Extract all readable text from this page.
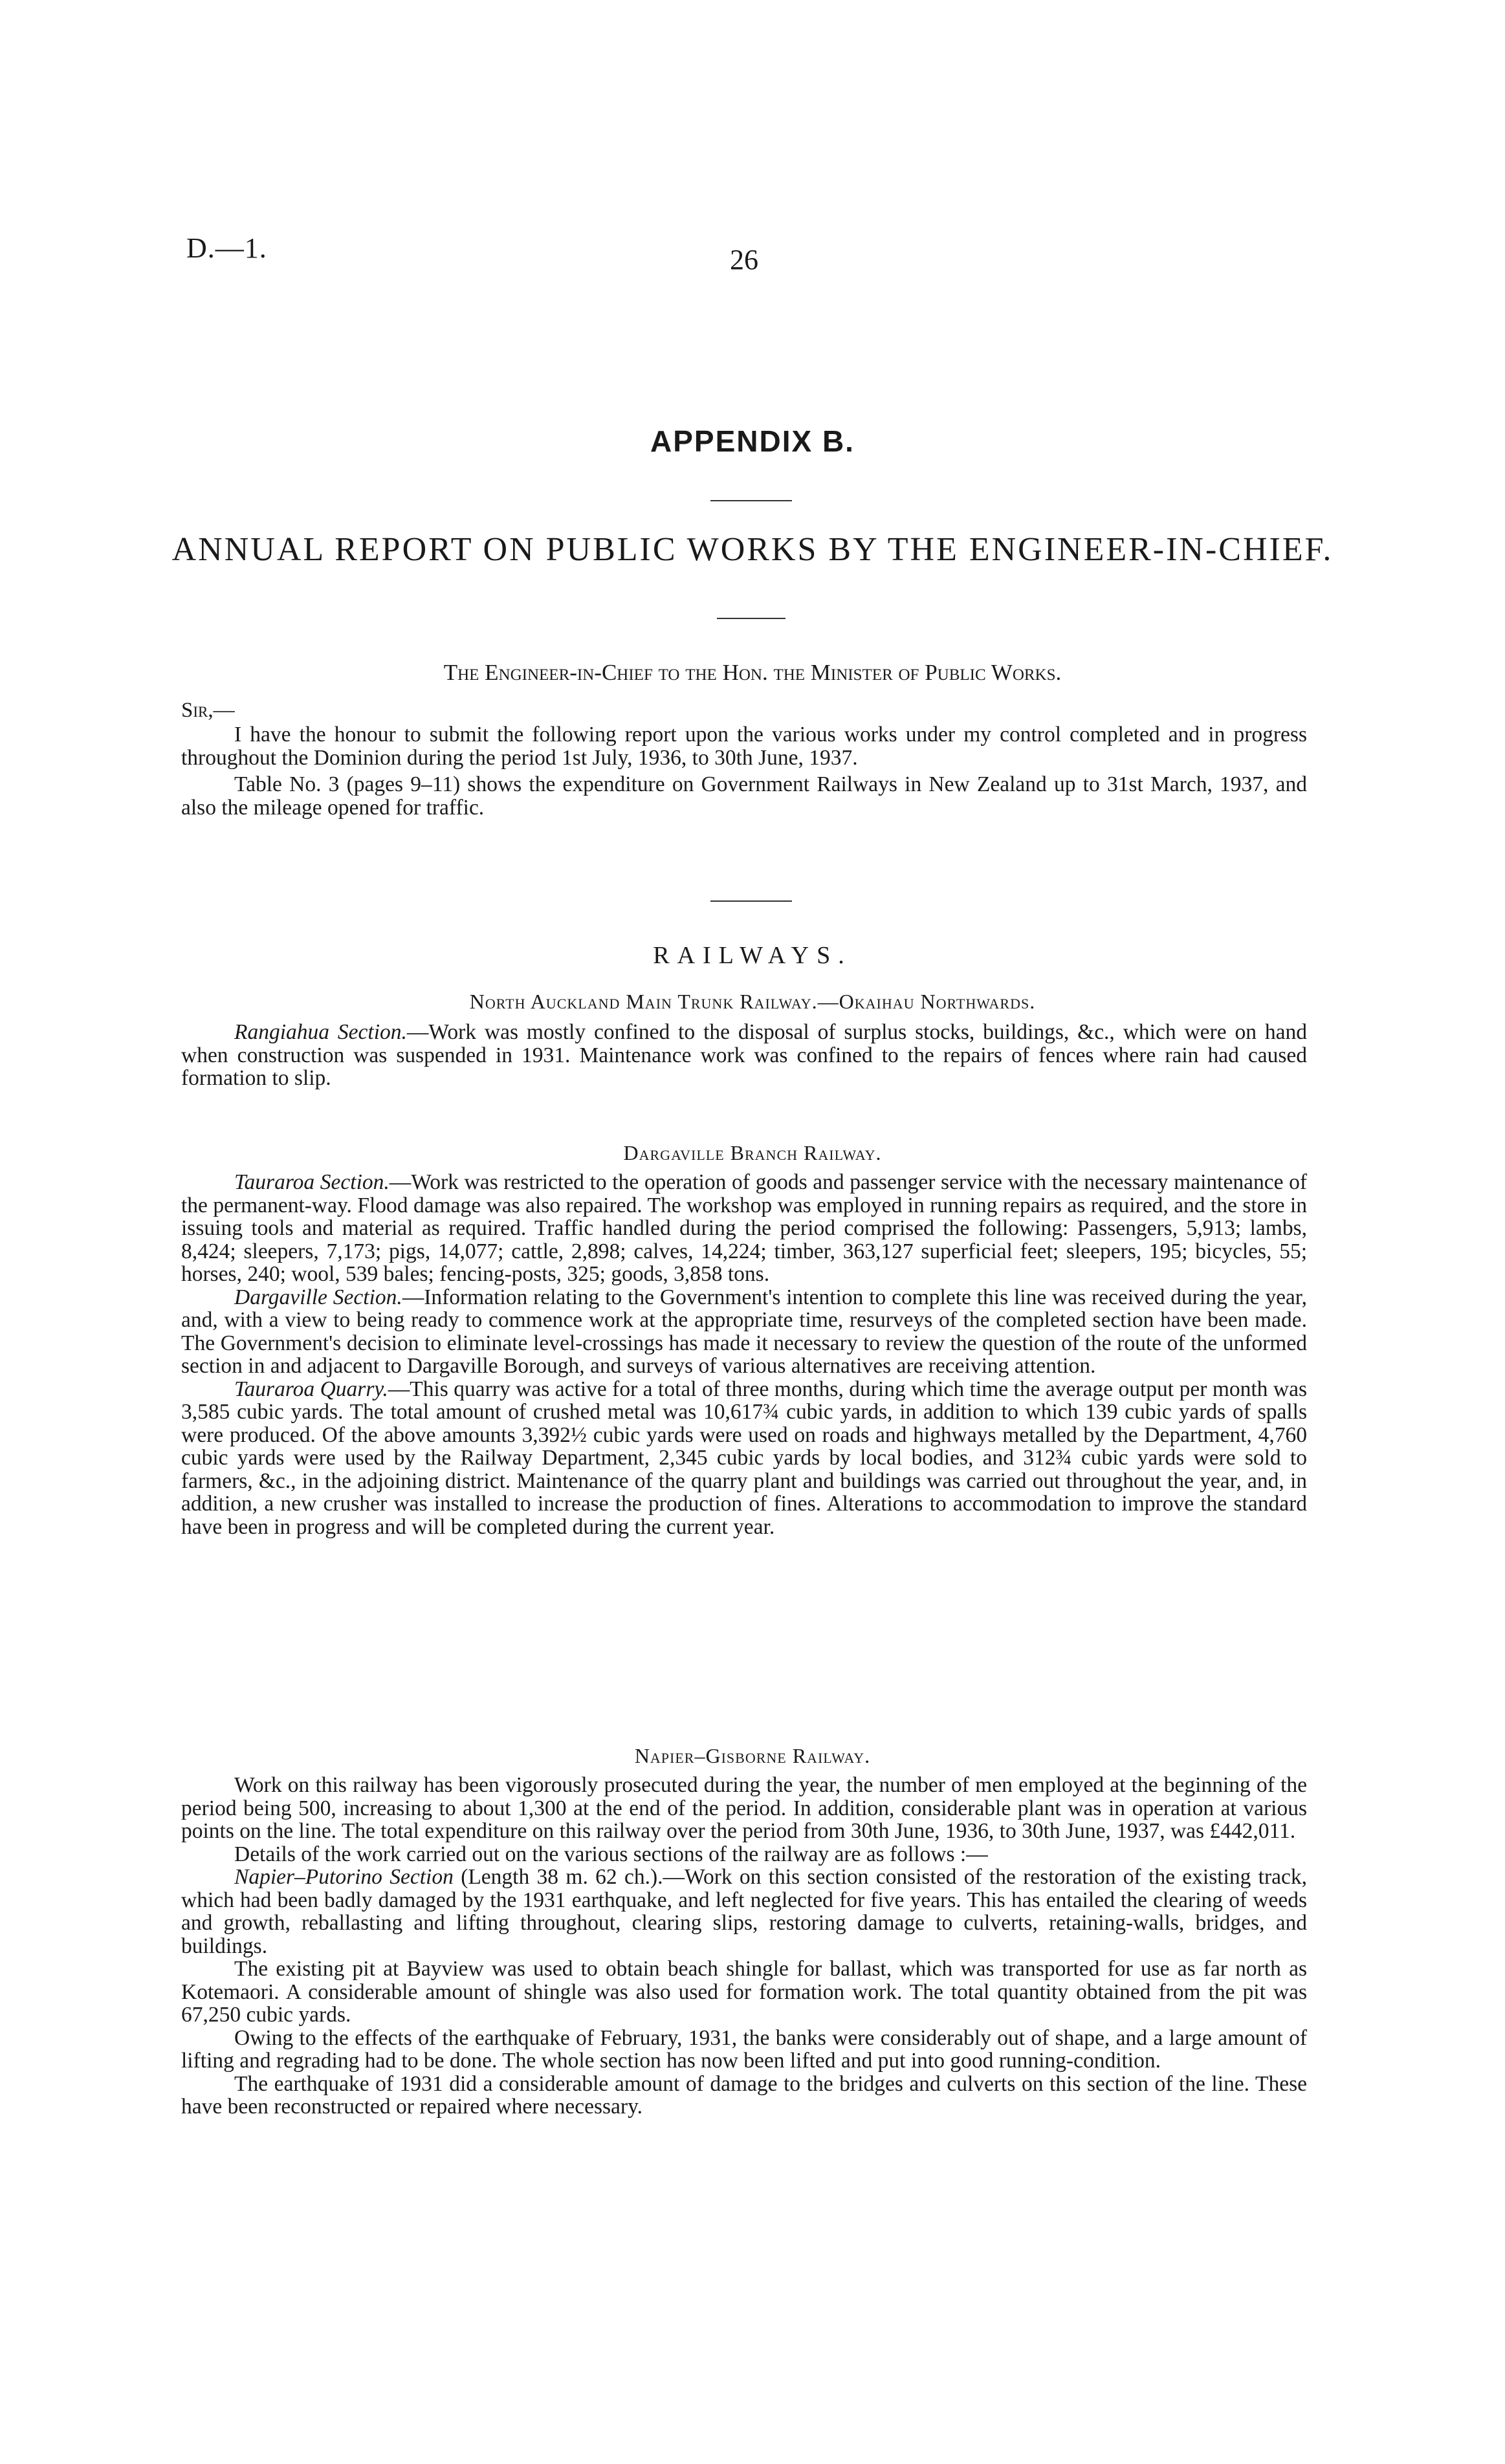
D.—1.	26
APPENDIX B.
ANNUAL REPORT ON PUBLIC WORKS BY THE ENGINEER-IN-CHIEF.
The Engineer-in-Chief to the Hon. the Minister of Public Works.
Sir,—

I have the honour to submit the following report upon the various works under my control completed and in progress throughout the Dominion during the period 1st July, 1936, to 30th June, 1937.

Table No. 3 (pages 9–11) shows the expenditure on Government Railways in New Zealand up to 31st March, 1937, and also the mileage opened for traffic.

RAILWAYS.
North Auckland Main Trunk Railway.—Okaihau Northwards.

Rangiahua Section.—Work was mostly confined to the disposal of surplus stocks, buildings, &c., which were on hand when construction was suspended in 1931. Maintenance work was confined to the repairs of fences where rain had caused formation to slip.

Dargaville Branch Railway.

Tauraroa Section.—Work was restricted to the operation of goods and passenger service with the necessary maintenance of the permanent-way. Flood damage was also repaired. The workshop was employed in running repairs as required, and the store in issuing tools and material as required. Traffic handled during the period comprised the following: Passengers, 5,913; lambs, 8,424; sleepers, 7,173; pigs, 14,077; cattle, 2,898; calves, 14,224; timber, 363,127 superficial feet; sleepers, 195; bicycles, 55; horses, 240; wool, 539 bales; fencing-posts, 325; goods, 3,858 tons.

Dargaville Section.—Information relating to the Government's intention to complete this line was received during the year, and, with a view to being ready to commence work at the appropriate time, resurveys of the completed section have been made. The Government's decision to eliminate level-crossings has made it necessary to review the question of the route of the unformed section in and adjacent to Dargaville Borough, and surveys of various alternatives are receiving attention.

Tauraroa Quarry.—This quarry was active for a total of three months, during which time the average output per month was 3,585 cubic yards. The total amount of crushed metal was 10,617¾ cubic yards, in addition to which 139 cubic yards of spalls were produced. Of the above amounts 3,392½ cubic yards were used on roads and highways metalled by the Department, 4,760 cubic yards were used by the Railway Department, 2,345 cubic yards by local bodies, and 312¾ cubic yards were sold to farmers, &c., in the adjoining district. Maintenance of the quarry plant and buildings was carried out throughout the year, and, in addition, a new crusher was installed to increase the production of fines. Alterations to accommodation to improve the standard have been in progress and will be completed during the current year.

Napier–Gisborne Railway.

Work on this railway has been vigorously prosecuted during the year, the number of men employed at the beginning of the period being 500, increasing to about 1,300 at the end of the period. In addition, considerable plant was in operation at various points on the line. The total expenditure on this railway over the period from 30th June, 1936, to 30th June, 1937, was £442,011.

Details of the work carried out on the various sections of the railway are as follows :—

Napier–Putorino Section (Length 38 m. 62 ch.).—Work on this section consisted of the restoration of the existing track, which had been badly damaged by the 1931 earthquake, and left neglected for five years. This has entailed the clearing of weeds and growth, reballasting and lifting throughout, clearing slips, restoring damage to culverts, retaining-walls, bridges, and buildings.

The existing pit at Bayview was used to obtain beach shingle for ballast, which was transported for use as far north as Kotemaori. A considerable amount of shingle was also used for formation work. The total quantity obtained from the pit was 67,250 cubic yards.

Owing to the effects of the earthquake of February, 1931, the banks were considerably out of shape, and a large amount of lifting and regrading had to be done. The whole section has now been lifted and put into good running-condition.

The earthquake of 1931 did a considerable amount of damage to the bridges and culverts on this section of the line. These have been reconstructed or repaired where necessary.
